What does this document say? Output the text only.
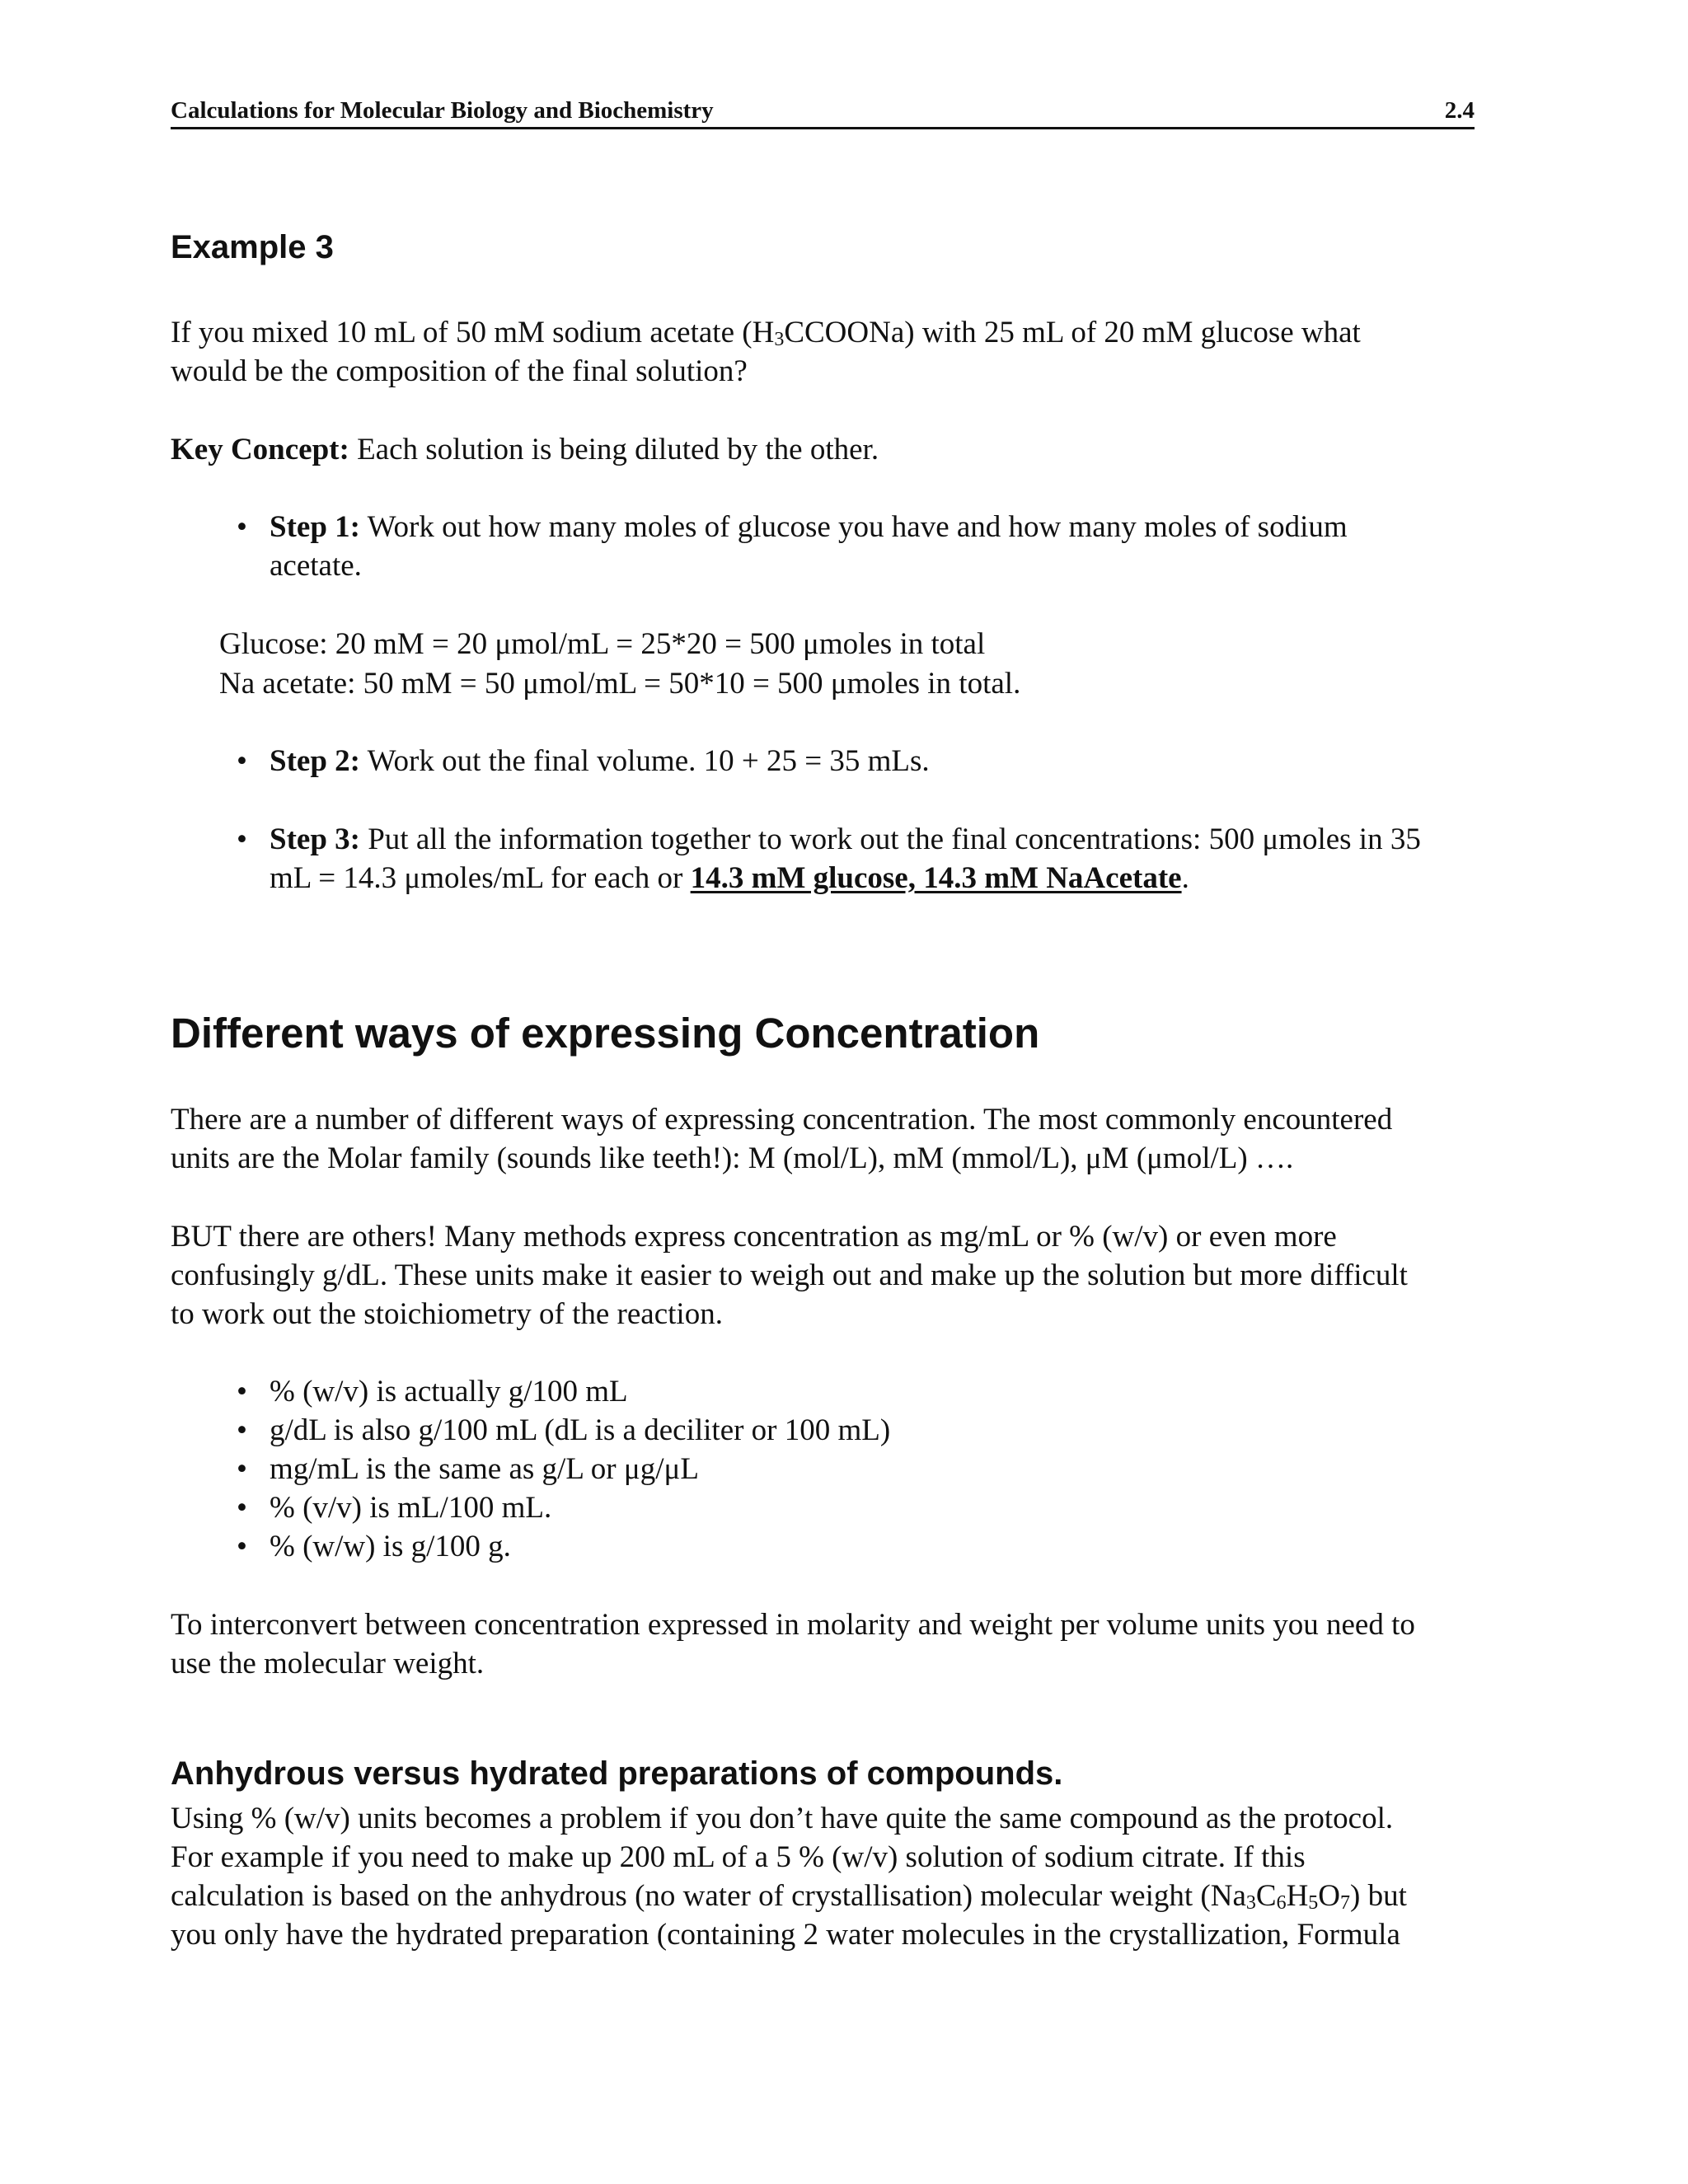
Calculations for Molecular Biology and Biochemistry	2.4
Example 3

If you mixed 10 mL of 50 mM sodium acetate $(H_3CCOONa)$ with 25 mL of 20 mM glucose what
would be the composition of the final solution?

Key Concept: Each solution is being diluted by the other.

• Step 1: Work out how many moles of glucose you have and how many moles of sodium
acetate.

Glucose: 20 mM = 20 μmol/mL = 25*20 = 500 μmoles in total

Na acetate: 50 mM = 50 μmol/mL = 50*10 = 500 μmoles in total.

• Step 2: Work out the final volume. 10 + 25 = 35 mLs.
• Step 3: Put all the information together to work out the final concentrations: 500 μmoles in 35
mL = 14.3 μmoles/mL for each or 14.3 mM glucose, 14.3 mM NaAcetate.
Different ways of expressing Concentration

There are a number of different ways of expressing concentration. The most commonly encountered
units are the Molar family (sounds like teeth!): M (mol/L), mM (mmol/L), μM (μmol/L) ….

BUT there are others! Many methods express concentration as mg/mL or % (w/v) or even more
confusingly g/dL. These units make it easier to weigh out and make up the solution but more difficult
to work out the stoichiometry of the reaction.

• % (w/v) is actually g/100 mL
• g/dL is also g/100 mL (dL is a deciliter or 100 mL)
• mg/mL is the same as g/L or μg/μL
• % (v/v) is mL/100 mL.
• % (w/w) is g/100 g.

To interconvert between concentration expressed in molarity and weight per volume units you need to
use the molecular weight.

Anhydrous versus hydrated preparations of compounds.

Using % (w/v) units becomes a problem if you don’t have quite the same compound as the protocol.
For example if you need to make up 200 mL of a 5 % (w/v) solution of sodium citrate. If this
calculation is based on the anhydrous (no water of crystallisation) molecular weight $(Na_3C_6H_5O_7)$ but
you only have the hydrated preparation (containing 2 water molecules in the crystallization, Formula
